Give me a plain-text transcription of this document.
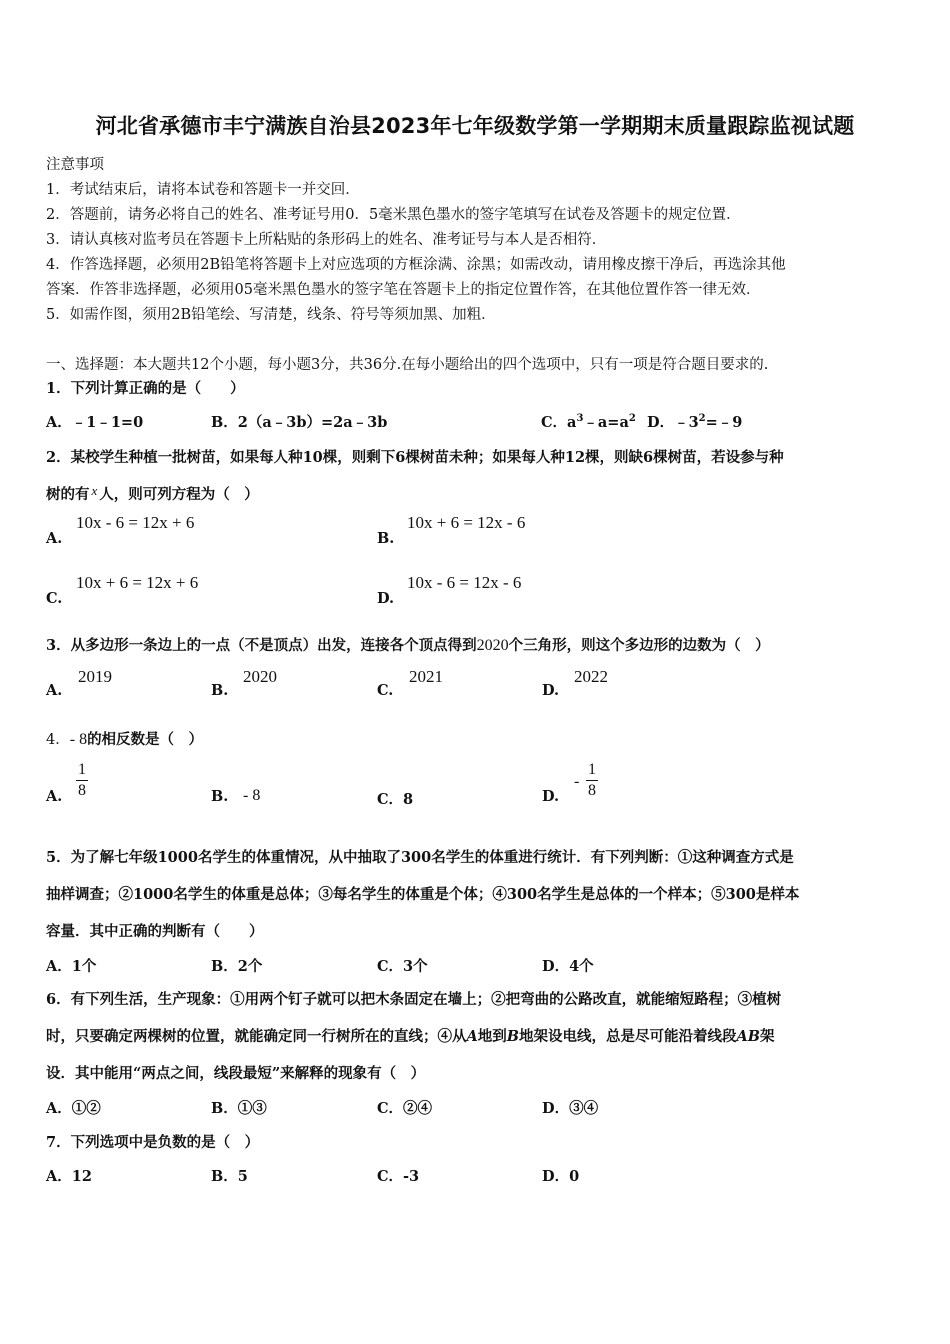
河北省承德市丰宁满族自治县2023年七年级数学第一学期期末质量跟踪监视试题
注意事项
1．考试结束后，请将本试卷和答题卡一并交回．
2．答题前，请务必将自己的姓名、准考证号用0．5毫米黑色墨水的签字笔填写在试卷及答题卡的规定位置．
3．请认真核对监考员在答题卡上所粘贴的条形码上的姓名、准考证号与本人是否相符．
4．作答选择题，必须用2B铅笔将答题卡上对应选项的方框涂满、涂黑；如需改动，请用橡皮擦干净后，再选涂其他
答案．作答非选择题，必须用05毫米黑色墨水的签字笔在答题卡上的指定位置作答，在其他位置作答一律无效．
5．如需作图，须用2B铅笔绘、写清楚，线条、符号等须加黑、加粗．
一、选择题：本大题共12个小题，每小题3分，共36分.在每小题给出的四个选项中，只有一项是符合题目要求的.
1．下列计算正确的是（　　）
A．﹣1﹣1=0	B．2（a﹣3b）=2a﹣3b	C．$a^3﹣a=a^2$ D．$﹣3^2=﹣9$
2．某校学生种植一批树苗，如果每人种10棵，则剩下6棵树苗未种；如果每人种12棵，则缺6棵树苗，若设参与种
树的有 x 人，则可列方程为（　）
A.
10x - 6 = 12x + 6
B.
10x + 6 = 12x - 6
C.
10x + 6 = 12x + 6
D.
10x - 6 = 12x - 6
3．从多边形一条边上的一点（不是顶点）出发，连接各个顶点得到2020个三角形，则这个多边形的边数为（　）
A.
2019
B.
2020
C.
2021
D.
2022
4．- 8的相反数是（　）
A.
1
8	B. - 8	C．8	D.
-
1
8
5．为了解七年级1000名学生的体重情况，从中抽取了300名学生的体重进行统计．有下列判断：①这种调查方式是
抽样调查；②1000名学生的体重是总体；③每名学生的体重是个体；④300名学生是总体的一个样本；⑤300是样本
容量．其中正确的判断有（　　）
A．1个	B．2个	C．3个	D．4个
6．有下列生活，生产现象：①用两个钉子就可以把木条固定在墙上；②把弯曲的公路改直，就能缩短路程；③植树
时，只要确定两棵树的位置，就能确定同一行树所在的直线；④从A地到B地架设电线，总是尽可能沿着线段AB架
设．其中能用“两点之间，线段最短”来解释的现象有（　）
A．①②	B．①③	C．②④	D．③④
7．下列选项中是负数的是（　）
A．12	B．5	C．-3	D．0
